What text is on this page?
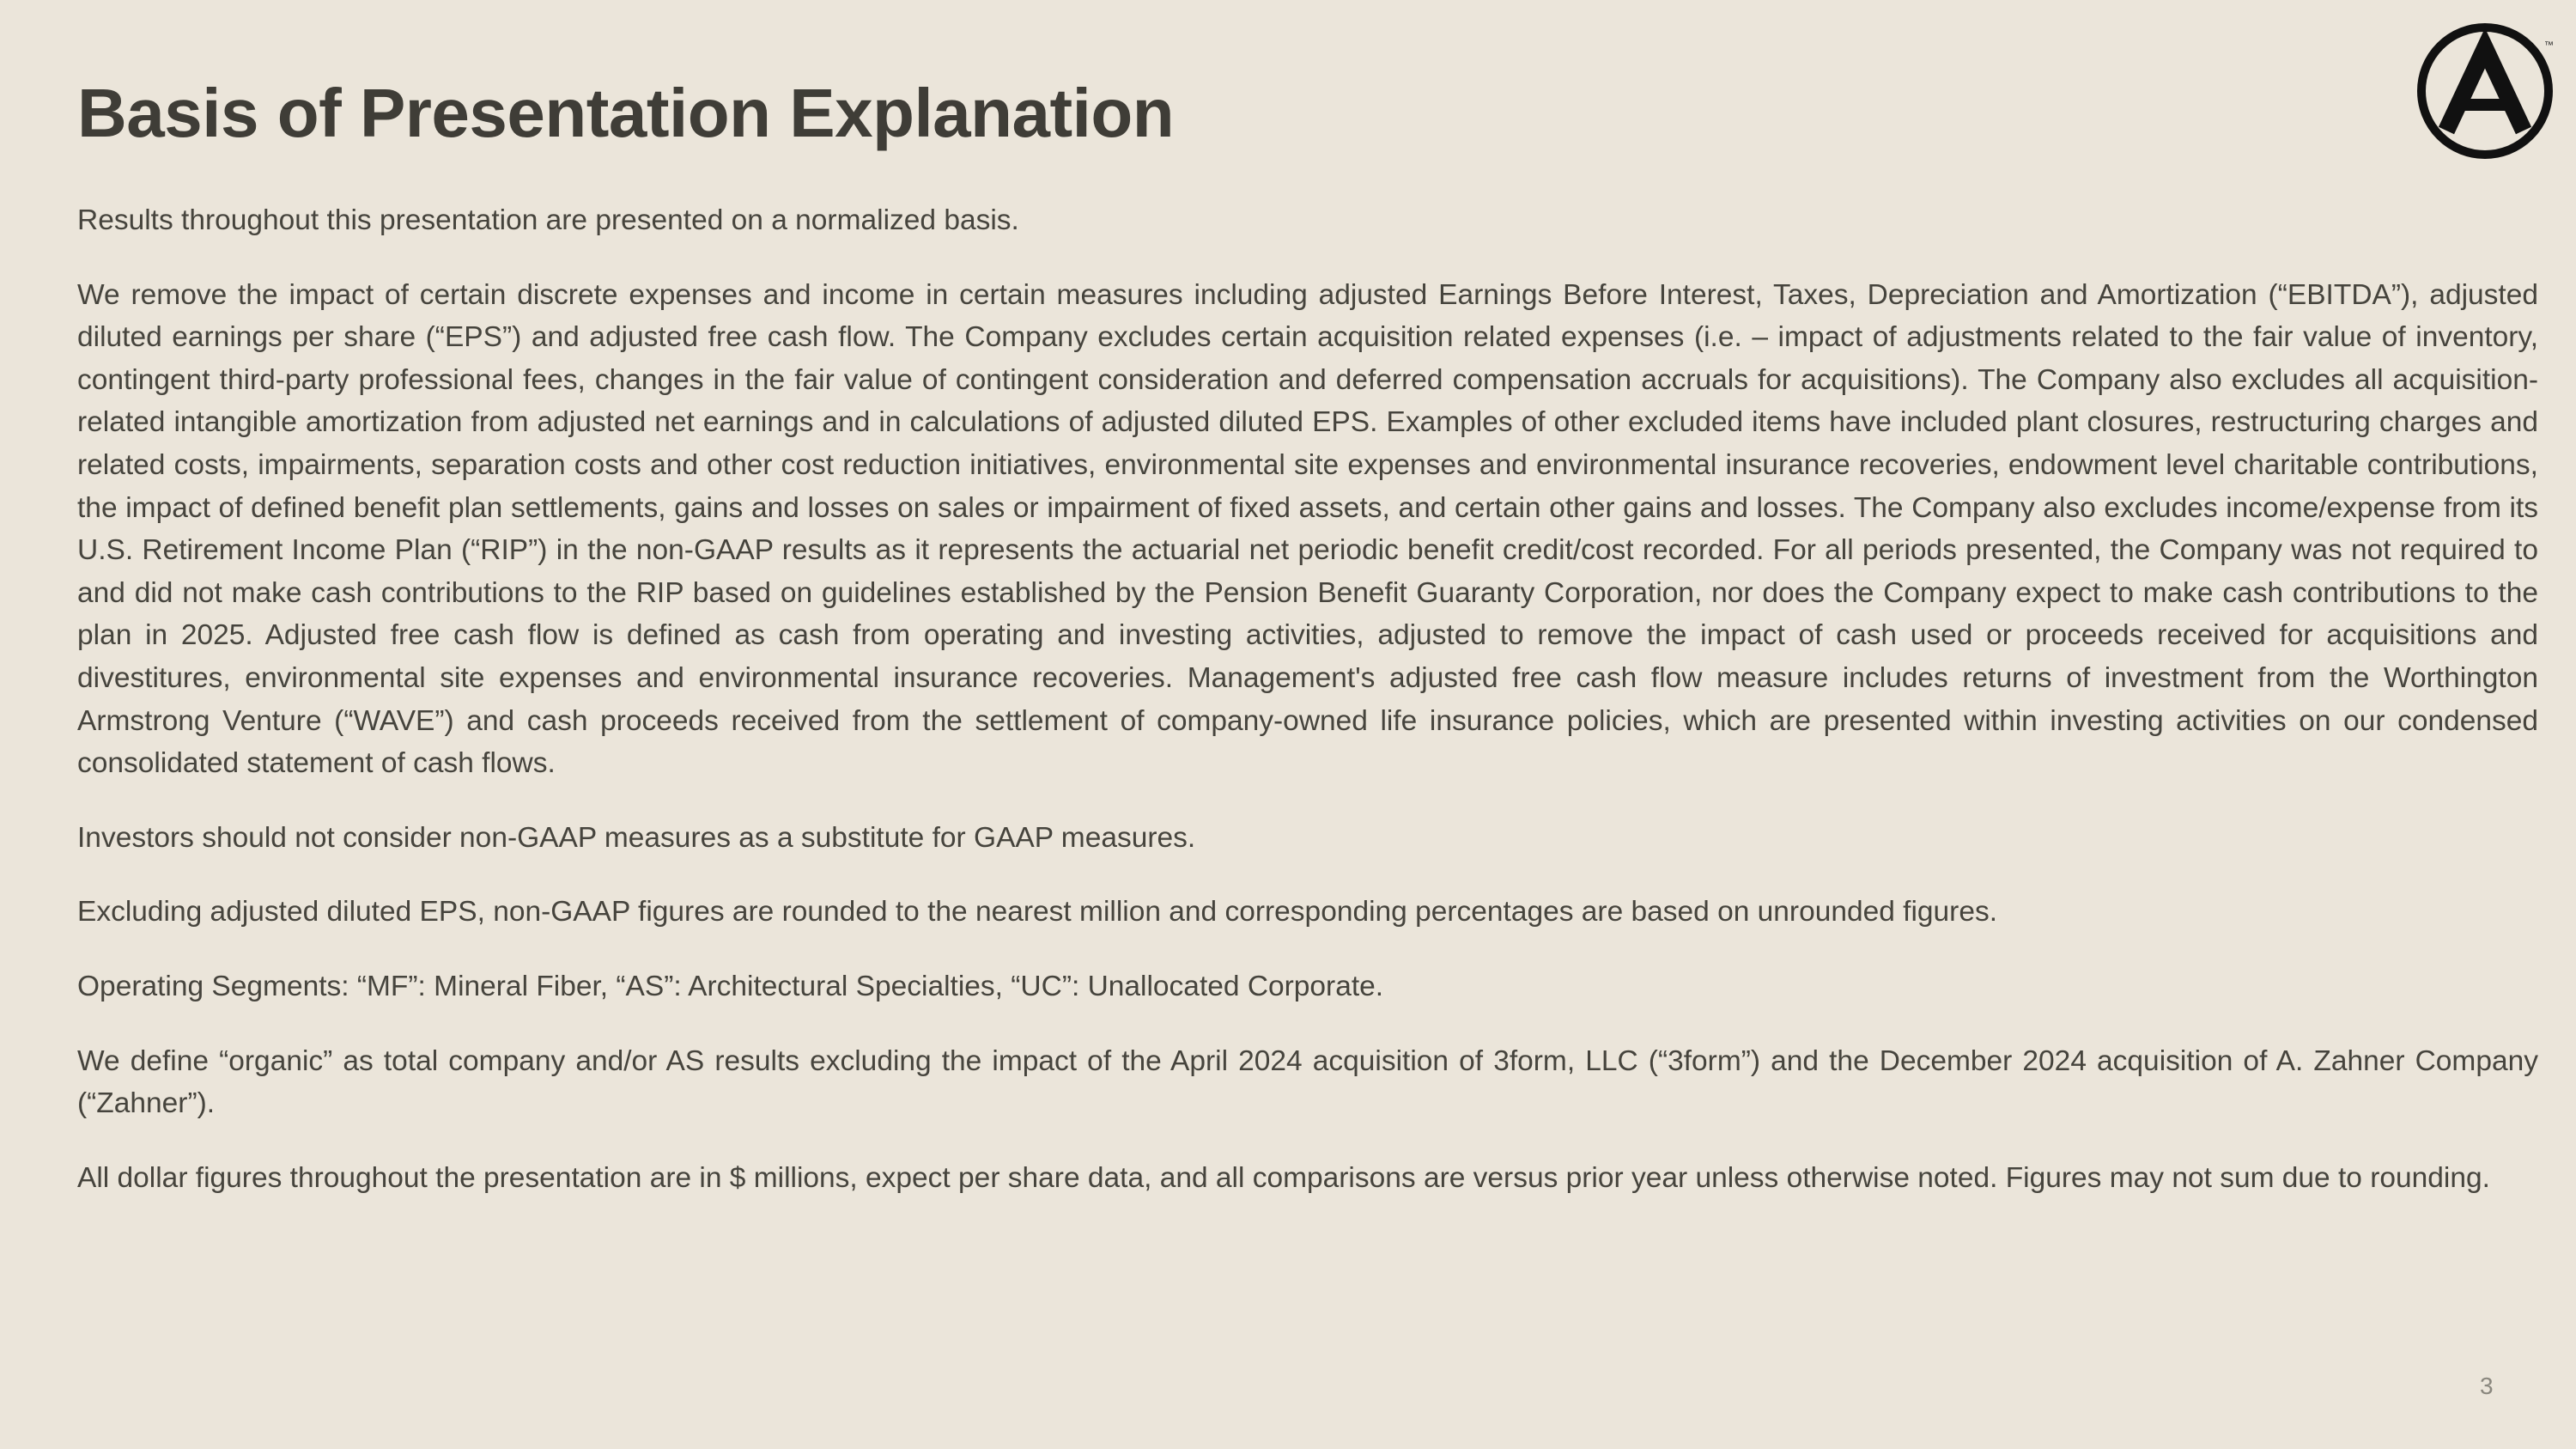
Basis of Presentation Explanation
™

Results throughout this presentation are presented on a normalized basis.

We remove the impact of certain discrete expenses and income in certain measures including adjusted Earnings Before Interest, Taxes, Depreciation and Amortization (“EBITDA”), adjusted diluted earnings per share (“EPS”) and adjusted free cash flow. The Company excludes certain acquisition related expenses (i.e. – impact of adjustments related to the fair value of inventory, contingent third-party professional fees, changes in the fair value of contingent consideration and deferred compensation accruals for acquisitions). The Company also excludes all acquisition-related intangible amortization from adjusted net earnings and in calculations of adjusted diluted EPS. Examples of other excluded items have included plant closures, restructuring charges and related costs, impairments, separation costs and other cost reduction initiatives, environmental site expenses and environmental insurance recoveries, endowment level charitable contributions, the impact of defined benefit plan settlements, gains and losses on sales or impairment of fixed assets, and certain other gains and losses. The Company also excludes income/expense from its U.S. Retirement Income Plan (“RIP”) in the non-GAAP results as it represents the actuarial net periodic benefit credit/cost recorded. For all periods presented, the Company was not required to and did not make cash contributions to the RIP based on guidelines established by the Pension Benefit Guaranty Corporation, nor does the Company expect to make cash contributions to the plan in 2025. Adjusted free cash flow is defined as cash from operating and investing activities, adjusted to remove the impact of cash used or proceeds received for acquisitions and divestitures, environmental site expenses and environmental insurance recoveries. Management's adjusted free cash flow measure includes returns of investment from the Worthington Armstrong Venture (“WAVE”) and cash proceeds received from the settlement of company-owned life insurance policies, which are presented within investing activities on our condensed consolidated statement of cash flows.

Investors should not consider non-GAAP measures as a substitute for GAAP measures.

Excluding adjusted diluted EPS, non-GAAP figures are rounded to the nearest million and corresponding percentages are based on unrounded figures.

Operating Segments: “MF”: Mineral Fiber, “AS”: Architectural Specialties, “UC”: Unallocated Corporate.

We define “organic” as total company and/or AS results excluding the impact of the April 2024 acquisition of 3form, LLC (“3form”) and the December 2024 acquisition of A. Zahner Company (“Zahner”).

All dollar figures throughout the presentation are in $ millions, expect per share data, and all comparisons are versus prior year unless otherwise noted. Figures may not sum due to rounding.

3
